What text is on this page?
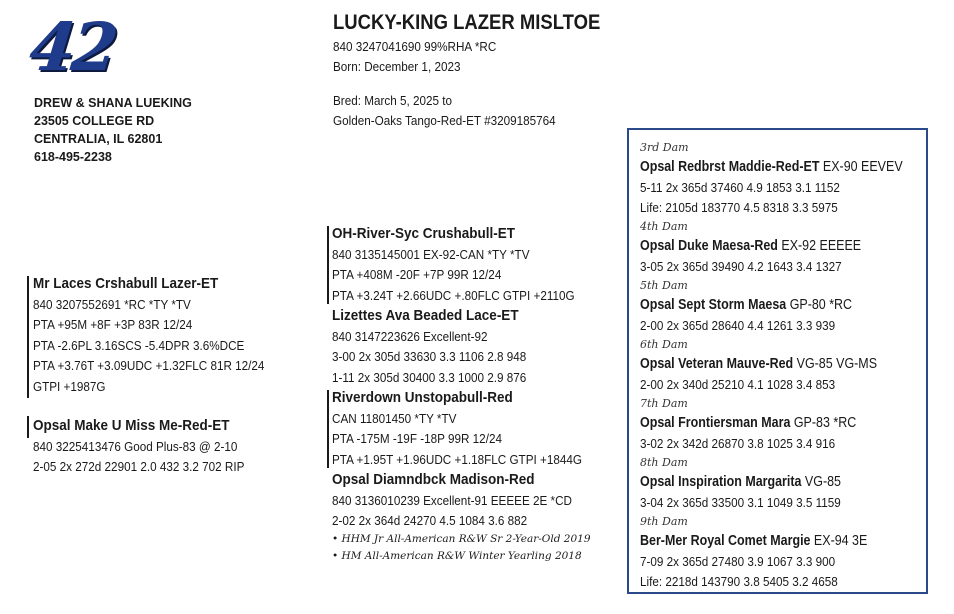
42
DREW & SHANA LUEKING
23505 COLLEGE RD
CENTRALIA, IL 62801
618-495-2238
LUCKY-KING LAZER MISLTOE
840 3247041690 99%RHA *RC
Born: December 1, 2023
Bred: March 5, 2025 to
Golden-Oaks Tango-Red-ET #3209185764
Mr Laces Crshabull Lazer-ET
840 3207552691 *RC *TY *TV
PTA +95M +8F +3P 83R 12/24
PTA -2.6PL 3.16SCS -5.4DPR 3.6%DCE
PTA +3.76T +3.09UDC +1.32FLC 81R 12/24
GTPI +1987G
Opsal Make U Miss Me-Red-ET
840 3225413476 Good Plus-83 @ 2-10
2-05 2x 272d 22901 2.0 432 3.2 702 RIP
OH-River-Syc Crushabull-ET
840 3135145001 EX-92-CAN *TY *TV
PTA +408M -20F +7P 99R 12/24
PTA +3.24T +2.66UDC +.80FLC GTPI +2110G
Lizettes Ava Beaded Lace-ET
840 3147223626 Excellent-92
3-00 2x 305d 33630 3.3 1106 2.8 948
1-11 2x 305d 30400 3.3 1000 2.9 876
Riverdown Unstopabull-Red
CAN 11801450 *TY *TV
PTA -175M -19F -18P 99R 12/24
PTA +1.95T +1.96UDC +1.18FLC GTPI +1844G
Opsal Diamndbck Madison-Red
840 3136010239 Excellent-91 EEEEE 2E *CD
2-02 2x 364d 24270 4.5 1084 3.6 882
• HHM Jr All-American R&W Sr 2-Year-Old 2019
• HM All-American R&W Winter Yearling 2018
3rd Dam
Opsal Redbrst Maddie-Red-ET EX-90 EEVEV
5-11 2x 365d 37460 4.9 1853 3.1 1152
Life: 2105d 183770 4.5 8318 3.3 5975
4th Dam
Opsal Duke Maesa-Red EX-92 EEEEE
3-05 2x 365d 39490 4.2 1643 3.4 1327
5th Dam
Opsal Sept Storm Maesa GP-80 *RC
2-00 2x 365d 28640 4.4 1261 3.3 939
6th Dam
Opsal Veteran Mauve-Red VG-85 VG-MS
2-00 2x 340d 25210 4.1 1028 3.4 853
7th Dam
Opsal Frontiersman Mara GP-83 *RC
3-02 2x 342d 26870 3.8 1025 3.4 916
8th Dam
Opsal Inspiration Margarita VG-85
3-04 2x 365d 33500 3.1 1049 3.5 1159
9th Dam
Ber-Mer Royal Comet Margie EX-94 3E
7-09 2x 365d 27480 3.9 1067 3.3 900
Life: 2218d 143790 3.8 5405 3.2 4658
